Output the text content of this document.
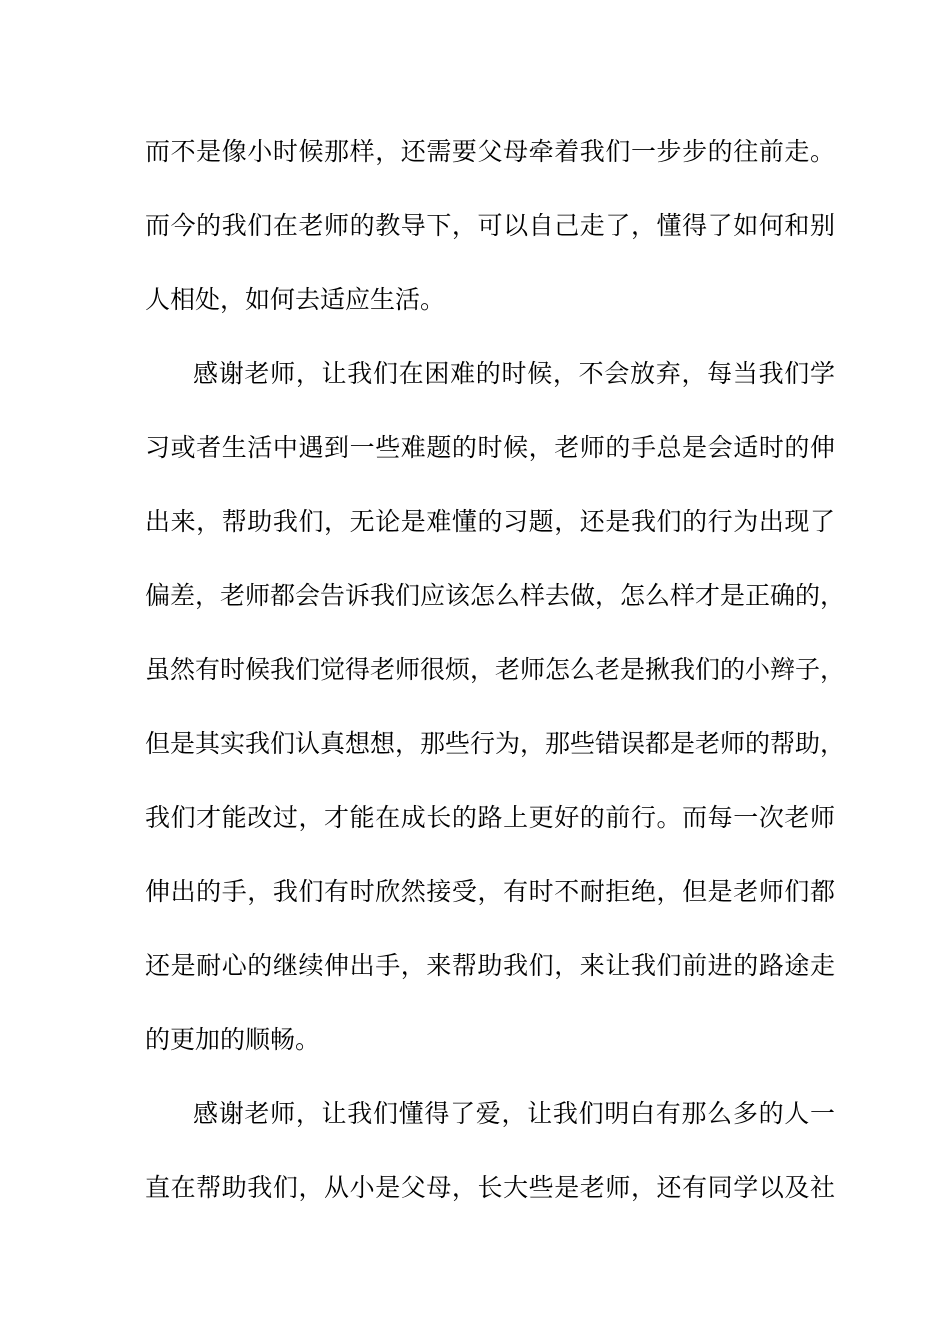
而不是像小时候那样，还需要父母牵着我们一步步的往前走。
而今的我们在老师的教导下，可以自己走了，懂得了如何和别
人相处，如何去适应生活。
感谢老师，让我们在困难的时候，不会放弃，每当我们学
习或者生活中遇到一些难题的时候，老师的手总是会适时的伸
出来，帮助我们，无论是难懂的习题，还是我们的行为出现了
偏差，老师都会告诉我们应该怎么样去做，怎么样才是正确的，
虽然有时候我们觉得老师很烦，老师怎么老是揪我们的小辫子，
但是其实我们认真想想，那些行为，那些错误都是老师的帮助，
我们才能改过，才能在成长的路上更好的前行。而每一次老师
伸出的手，我们有时欣然接受，有时不耐拒绝，但是老师们都
还是耐心的继续伸出手，来帮助我们，来让我们前进的路途走
的更加的顺畅。
感谢老师，让我们懂得了爱，让我们明白有那么多的人一
直在帮助我们，从小是父母，长大些是老师，还有同学以及社
